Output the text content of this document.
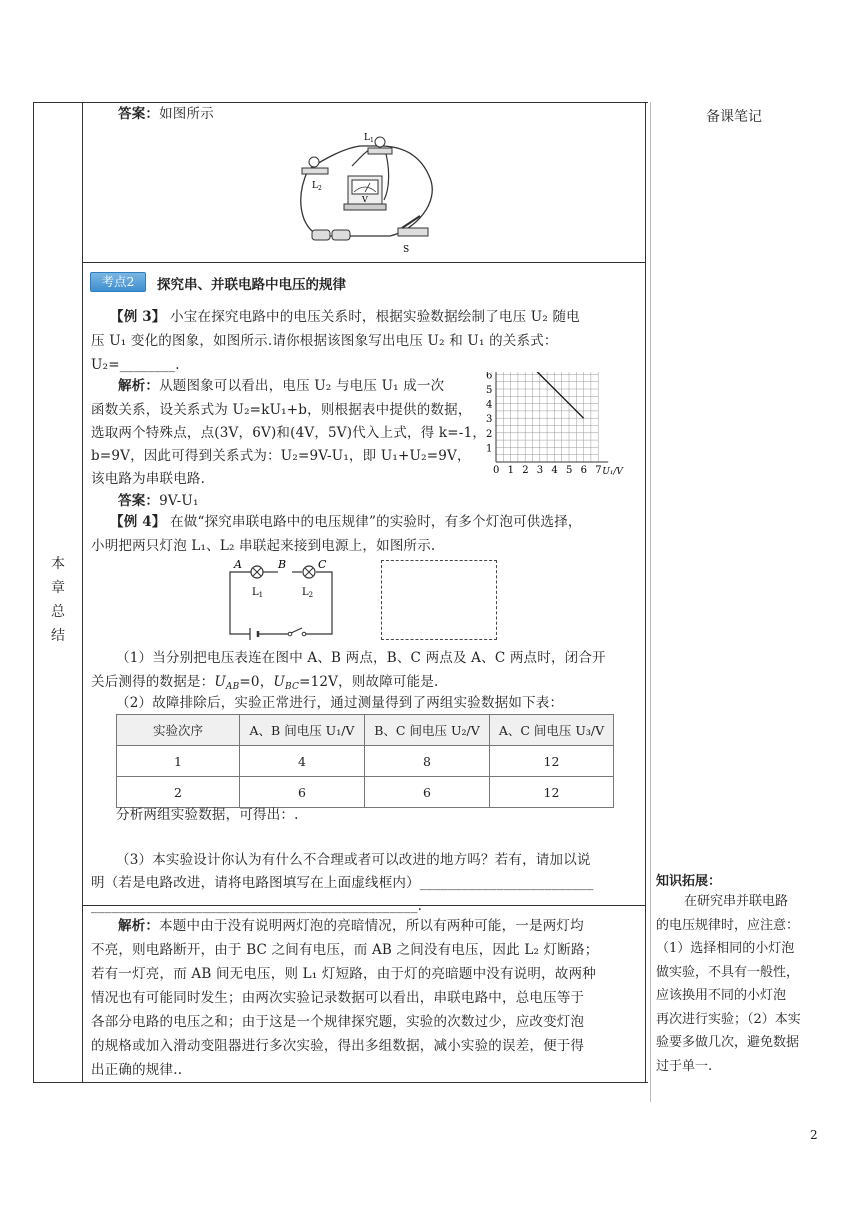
备课笔记
本
章
总
结
知识拓展：
在研究串并联电路
的电压规律时，应注意：
（1）选择相同的小灯泡
做实验，不具有一般性，
应该换用不同的小灯泡
再次进行实验；（2）本实
验要多做几次，避免数据
过于单一.
答案：如图所示
$L_1$
$L_2$
V
S
考点2	探究串、并联电路中电压的规律
【例 3】 小宝在探究电路中的电压关系时，根据实验数据绘制了电压 U₂ 随电
压 U₁ 变化的图象，如图所示.请你根据该图象写出电压 U₂ 和 U₁ 的关系式：
U₂=________.
解析：从题图象可以看出，电压 U₂ 与电压 U₁ 成一次
函数关系，设关系式为 U₂=kU₁+b，则根据表中提供的数据，
选取两个特殊点，点(3V，6V)和(4V，5V)代入上式，得 k=-1，
b=9V，因此可得到关系式为：U₂=9V-U₁，即 U₁+U₂=9V，
该电路为串联电路.
答案：9V-U₁
0 1 2 3 4 5 6 7
1
2
3
4
5
6
U₁/V
【例 4】 在做“探究串联电路中的电压规律”的实验时，有多个灯泡可供选择，
小明把两只灯泡 L₁、L₂ 串联起来接到电源上，如图所示.
A	B	C
$L_1$	$L_2$
（1）当分别把电压表连在图中 A、B 两点，B、C 两点及 A、C 两点时，闭合开
关后测得的数据是：$U_{AB}=0$，$U_{BC}=12V$，则故障可能是.
（2）故障排除后，实验正常进行，通过测量得到了两组实验数据如下表：
实验次序	A、B 间电压 U₁/V	B、C 间电压 U₂/V	A、C 间电压 U₃/V
1	4	8	12
2	6	6	12
分析两组实验数据，可得出：.
（3）本实验设计你认为有什么不合理或者可以改进的地方吗？若有，请加以说
明（若是电路改进，请将电路图填写在上面虚线框内）_________________________
_______________________________________________.
解析：本题中由于没有说明两灯泡的亮暗情况，所以有两种可能，一是两灯均
不亮，则电路断开，由于 BC 之间有电压，而 AB 之间没有电压，因此 L₂ 灯断路；
若有一灯亮，而 AB 间无电压，则 L₁ 灯短路，由于灯的亮暗题中没有说明，故两种
情况也有可能同时发生；由两次实验记录数据可以看出，串联电路中，总电压等于
各部分电路的电压之和；由于这是一个规律探究题，实验的次数过少，应改变灯泡
的规格或加入滑动变阻器进行多次实验，得出多组数据，减小实验的误差，便于得
出正确的规律..
2
